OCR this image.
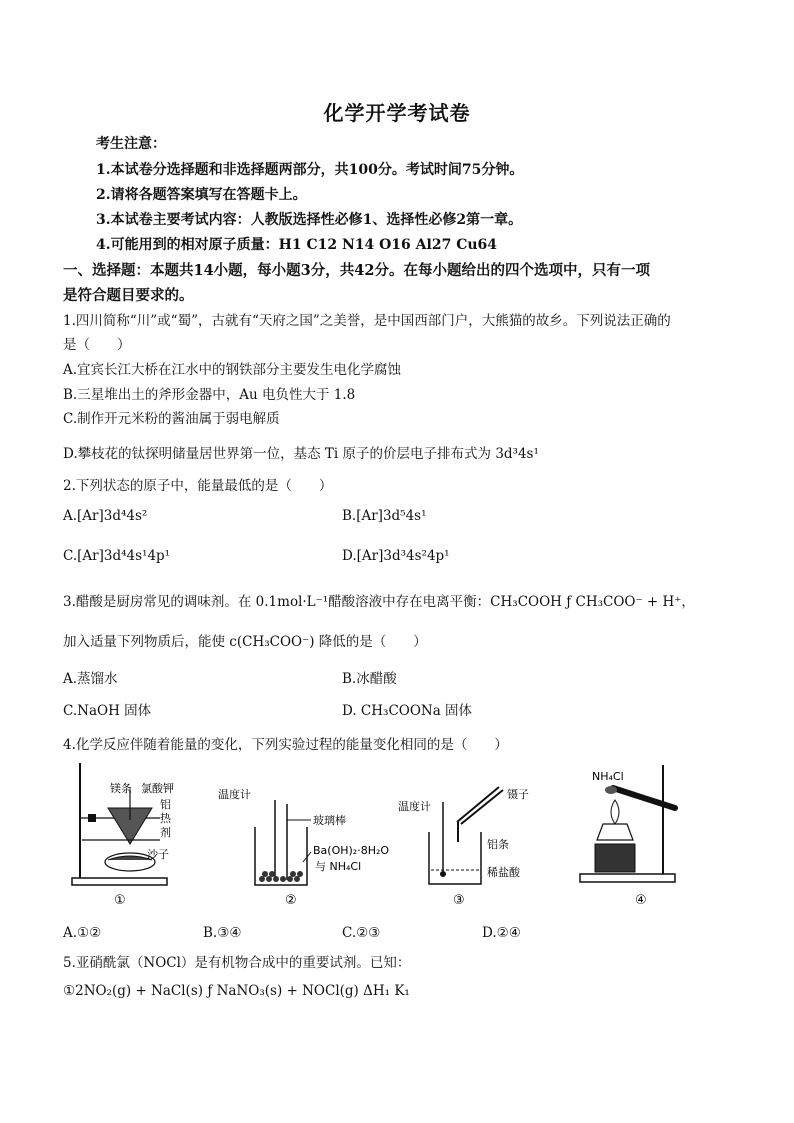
化学开学考试卷
考生注意：
1.本试卷分选择题和非选择题两部分，共100分。考试时间75分钟。
2.请将各题答案填写在答题卡上。
3.本试卷主要考试内容：人教版选择性必修1、选择性必修2第一章。
4.可能用到的相对原子质量：H1 C12 N14 O16 Al27 Cu64
一、选择题：本题共14小题，每小题3分，共42分。在每小题给出的四个选项中，只有一项
是符合题目要求的。
1.四川简称“川”或“蜀”，古就有“天府之国”之美誉，是中国西部门户，大熊猫的故乡。下列说法正确的
是（　　）
A.宜宾长江大桥在江水中的钢铁部分主要发生电化学腐蚀
B.三星堆出土的斧形金器中，Au 电负性大于 1.8
C.制作开元米粉的酱油属于弱电解质
D.攀枝花的钛探明储量居世界第一位，基态 Ti 原子的价层电子排布式为 3d³4s¹
2.下列状态的原子中，能量最低的是（　　）
A.[Ar]3d⁴4s²	B.[Ar]3d⁵4s¹
C.[Ar]3d⁴4s¹4p¹	D.[Ar]3d³4s²4p¹
3.醋酸是厨房常见的调味剂。在 0.1mol·L⁻¹醋酸溶液中存在电离平衡：CH₃COOH ƒ CH₃COO⁻ + H⁺，
加入适量下列物质后，能使 c(CH₃COO⁻) 降低的是（　　）
A.蒸馏水	B.冰醋酸
C.NaOH 固体	D. CH₃COONa 固体
4.化学反应伴随着能量的变化，下列实验过程的能量变化相同的是（　　）
镁条 氯酸钾
铝
热
剂
沙子
①
温度计
玻璃棒
Ba(OH)₂·8H₂O
与 NH₄Cl
②
温度计
镊子
铝条
稀盐酸
③
NH₄Cl
④
A.①②	B.③④	C.②③	D.②④
5.亚硝酰氯（NOCl）是有机物合成中的重要试剂。已知：
①2NO₂(g) + NaCl(s) ƒ NaNO₃(s) + NOCl(g) ΔH₁ K₁
